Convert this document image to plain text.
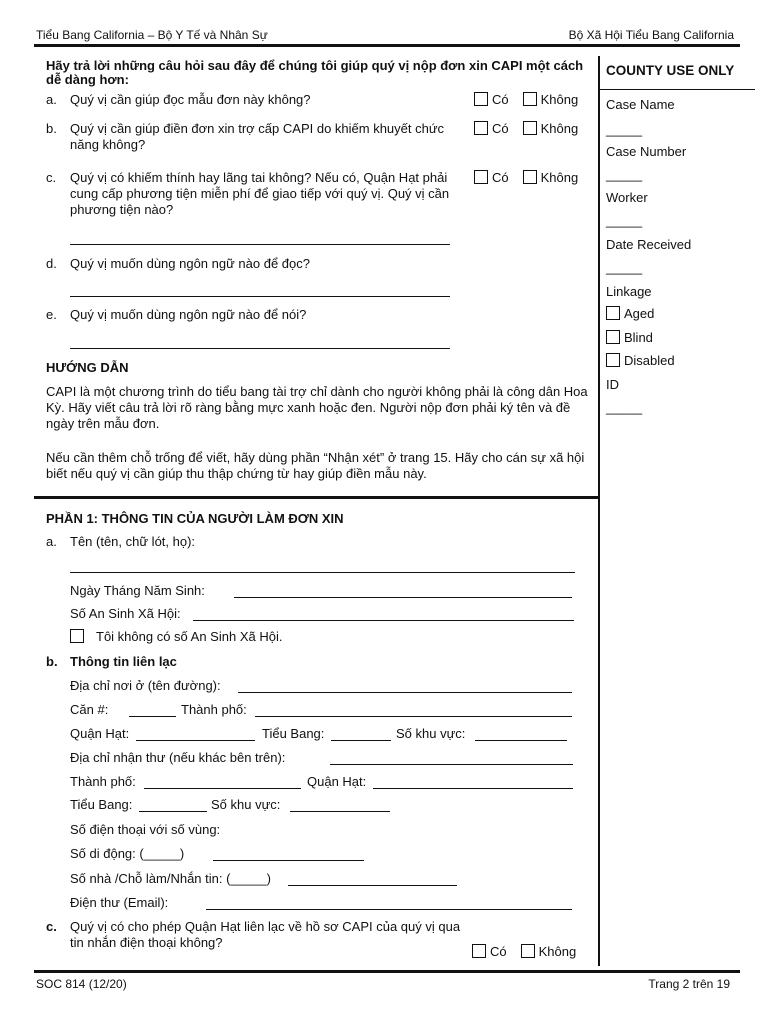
Tiểu Bang California – Bộ Y Tế và Nhân Sự	Bộ Xã Hội Tiểu Bang California
Hãy trả lời những câu hỏi sau đây để chúng tôi giúp quý vị nộp đơn xin CAPI một cách dễ dàng hơn:
a. Quý vị cần giúp đọc mẫu đơn này không?	Có Không
b. Quý vị cần giúp điền đơn xin trợ cấp CAPI do khiếm khuyết chức năng không?
Có Không
c. Quý vị có khiếm thính hay lãng tai không? Nếu có, Quận Hạt phải cung cấp phương tiện miễn phí để giao tiếp với quý vị. Quý vị cần phương tiện nào?
Có Không
d. Quý vị muốn dùng ngôn ngữ nào để đọc?
e. Quý vị muốn dùng ngôn ngữ nào để nói?
HƯỚNG DẪN
CAPI là một chương trình do tiểu bang tài trợ chỉ dành cho người không phải là công dân Hoa Kỳ. Hãy viết câu trả lời rõ ràng bằng mực xanh hoặc đen. Người nộp đơn phải ký tên và đề ngày trên mẫu đơn.
Nếu cần thêm chỗ trống để viết, hãy dùng phần “Nhận xét” ở trang 15. Hãy cho cán sự xã hội biết nếu quý vị cần giúp thu thập chứng từ hay giúp điền mẫu này.
COUNTY USE ONLY
Case Name
_____
Case Number
_____
Worker
_____
Date Received
_____
Linkage
Aged
Blind
Disabled
ID
_____
PHẦN 1: THÔNG TIN CỦA NGƯỜI LÀM ĐƠN XIN
a. Tên (tên, chữ lót, họ):
Ngày Tháng Năm Sinh:
Số An Sinh Xã Hội:
Tôi không có số An Sinh Xã Hội.
b. Thông tin liên lạc
Địa chỉ nơi ở (tên đường):
Căn #:	Thành phố:
Quận Hạt:	Tiểu Bang:	Số khu vực:
Địa chỉ nhận thư (nếu khác bên trên):
Thành phố:	Quận Hạt:
Tiểu Bang:	Số khu vực:
Số điện thoại với số vùng:
Số di động: (_____)
Số nhà /Chỗ làm/Nhắn tin: (_____)
Điện thư (Email):
c. Quý vị có cho phép Quận Hạt liên lạc về hồ sơ CAPI của quý vị qua tin nhắn điện thoại không?
Có Không
SOC 814 (12/20)	Trang 2 trên 19
